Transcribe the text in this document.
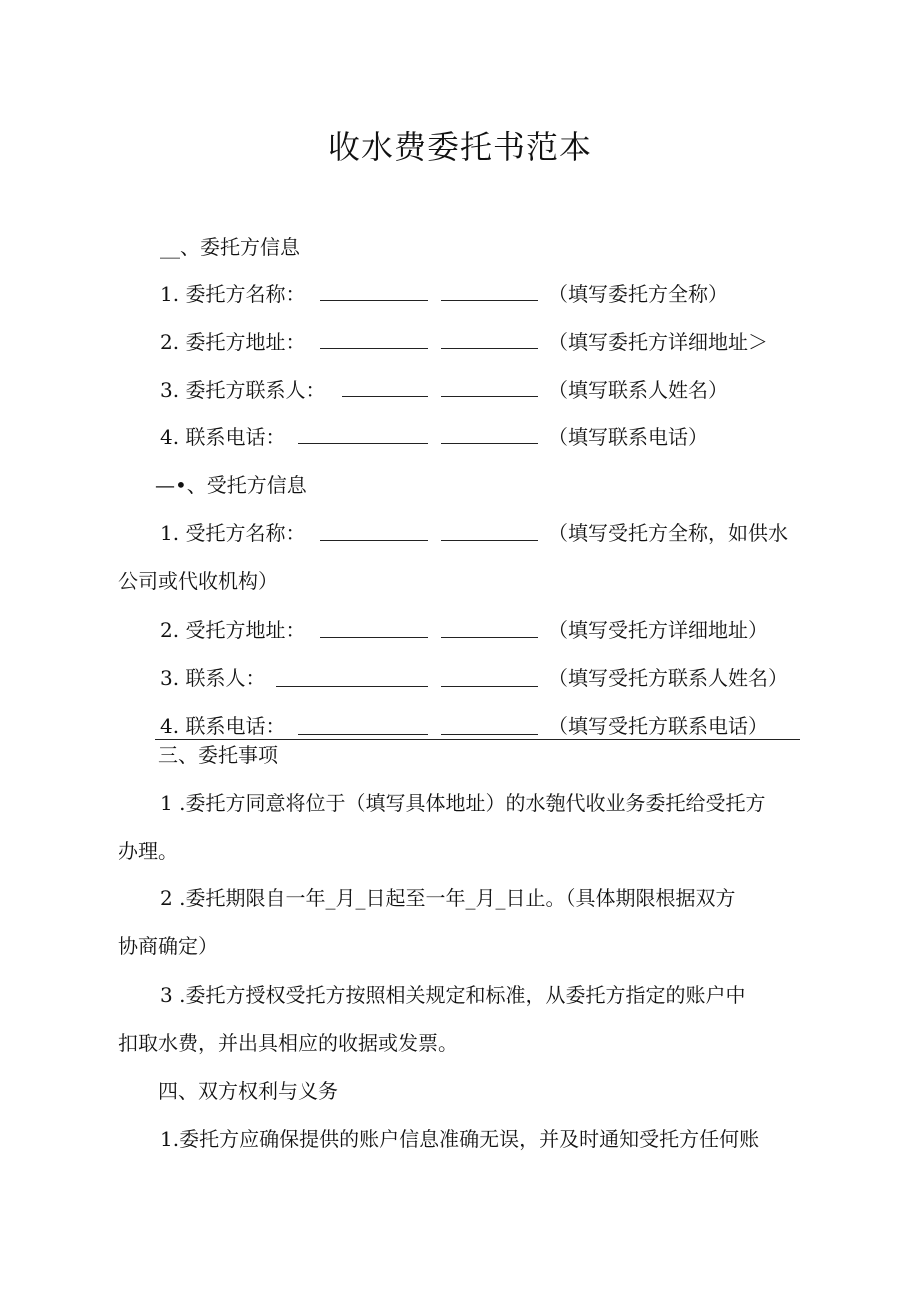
收水费委托书范本
__、委托方信息
1. 委托方名称：	（填写委托方全称）
2. 委托方地址：	（填写委托方详细地址＞
3. 委托方联系人：	（填写联系人姓名）
4. 联系电话：	（填写联系电话）
—•、受托方信息
1. 受托方名称：	（填写受托方全称，如供水
公司或代收机构）
2. 受托方地址：	（填写受托方详细地址）
3. 联系人：	（填写受托方联系人姓名）
4. 联系电话：	（填写受托方联系电话）
三、委托事项
1 .委托方同意将位于（填写具体地址）的水匏代收业务委托给受托方
办理。
2 .委托期限自一年_月_日起至一年_月_日止。（具体期限根据双方
协商确定）
3 .委托方授权受托方按照相关规定和标准，从委托方指定的账户中
扣取水费，并出具相应的收据或发票。
四、双方权利与义务
1.委托方应确保提供的账户信息准确无误，并及时通知受托方任何账
